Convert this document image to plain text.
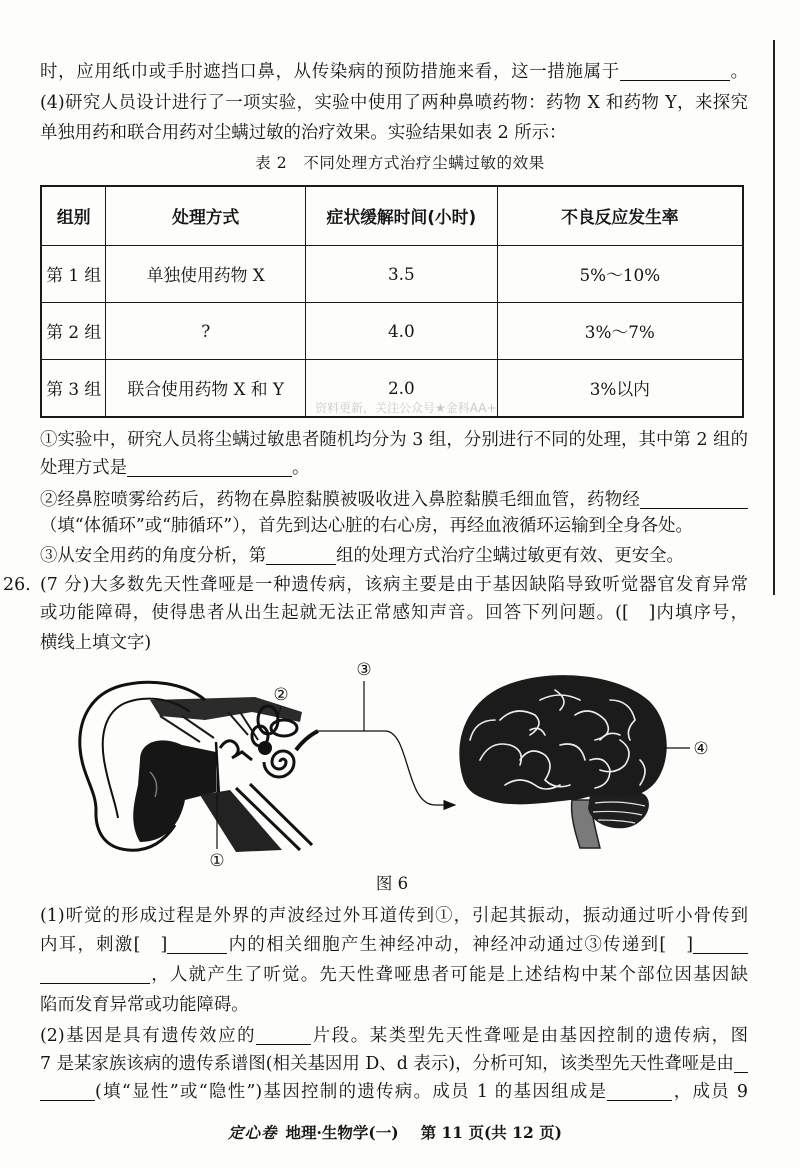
时，应用纸巾或手肘遮挡口鼻，从传染病的预防措施来看，这一措施属于	。
(4)研究人员设计进行了一项实验，实验中使用了两种鼻喷药物：药物 X 和药物 Y，来探究
单独用药和联合用药对尘螨过敏的治疗效果。实验结果如表 2 所示：
表 2　不同处理方式治疗尘螨过敏的效果
组别	处理方式	症状缓解时间(小时)	不良反应发生率
第 1 组	单独使用药物 X	3.5	5%～10%
第 2 组	?	4.0	3%～7%
第 3 组	联合使用药物 X 和 Y	2.0	3%以内
资料更新，关注公众号★金科AA+
①实验中，研究人员将尘螨过敏患者随机均分为 3 组，分别进行不同的处理，其中第 2 组的
处理方式是	。
②经鼻腔喷雾给药后，药物在鼻腔黏膜被吸收进入鼻腔黏膜毛细血管，药物经
（填“体循环”或“肺循环”），首先到达心脏的右心房，再经血液循环运输到全身各处。
③从安全用药的角度分析，第	组的处理方式治疗尘螨过敏更有效、更安全。
26. (7 分)大多数先天性聋哑是一种遗传病，该病主要是由于基因缺陷导致听觉器官发育异常
或功能障碍，使得患者从出生起就无法正常感知声音。回答下列问题。([　]内填序号，
横线上填文字)
①
②
③
④
图 6
(1)听觉的形成过程是外界的声波经过外耳道传到①，引起其振动，振动通过听小骨传到
内耳，刺激[　]	内的相关细胞产生神经冲动，神经冲动通过③传递到[　]
，人就产生了听觉。先天性聋哑患者可能是上述结构中某个部位因基因缺
陷而发育异常或功能障碍。
(2)基因是具有遗传效应的	片段。某类型先天性聋哑是由基因控制的遗传病，图
7 是某家族该病的遗传系谱图(相关基因用 D、d 表示)，分析可知，该类型先天性聋哑是由
(填“显性”或“隐性”)基因控制的遗传病。成员 1 的基因组成是	，成员 9
定心卷 地理·生物学(一) 第 11 页(共 12 页)
